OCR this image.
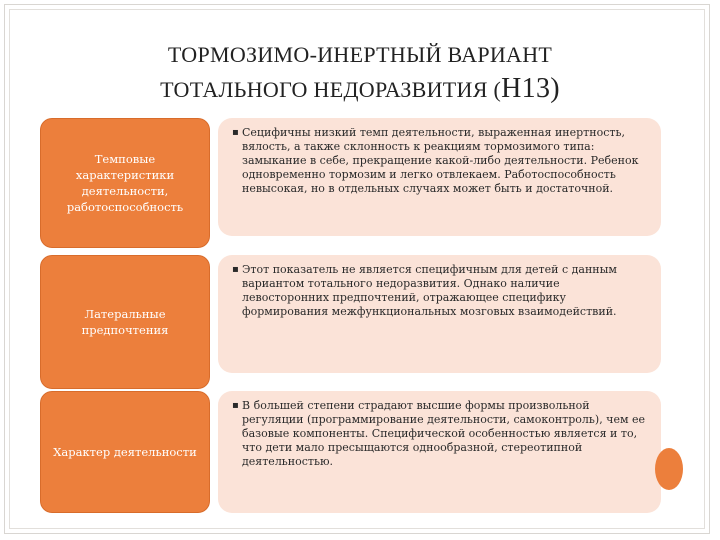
ТОРМОЗИМО-ИНЕРТНЫЙ ВАРИАНТ
ТОТАЛЬНОГО НЕДОРАЗВИТИЯ (Н13)
Темповые характеристики деятельности, работоспособность
▪ Сецифичны низкий темп деятельности, выраженная инертность, вялость, а также склонность к реакциям тормозимого типа: замыкание в себе, прекращение какой-либо деятельности. Ребенок одновременно тормозим и легко отвлекаем. Работоспособность невысокая, но в отдельных случаях может быть и достаточной.
Латеральные предпочтения
▪ Этот показатель не является специфичным для детей с данным вариантом тотального недоразвития. Однако наличие левосторонних предпочтений, отражающее специфику формирования межфункциональных мозговых взаимодействий.
Характер деятельности
▪ В большей степени страдают высшие формы произвольной регуляции (программирование деятельности, самоконтроль), чем ее базовые компоненты. Специфической особенностью является и то, что дети мало пресыщаются однообразной, стереотипной деятельностью.
